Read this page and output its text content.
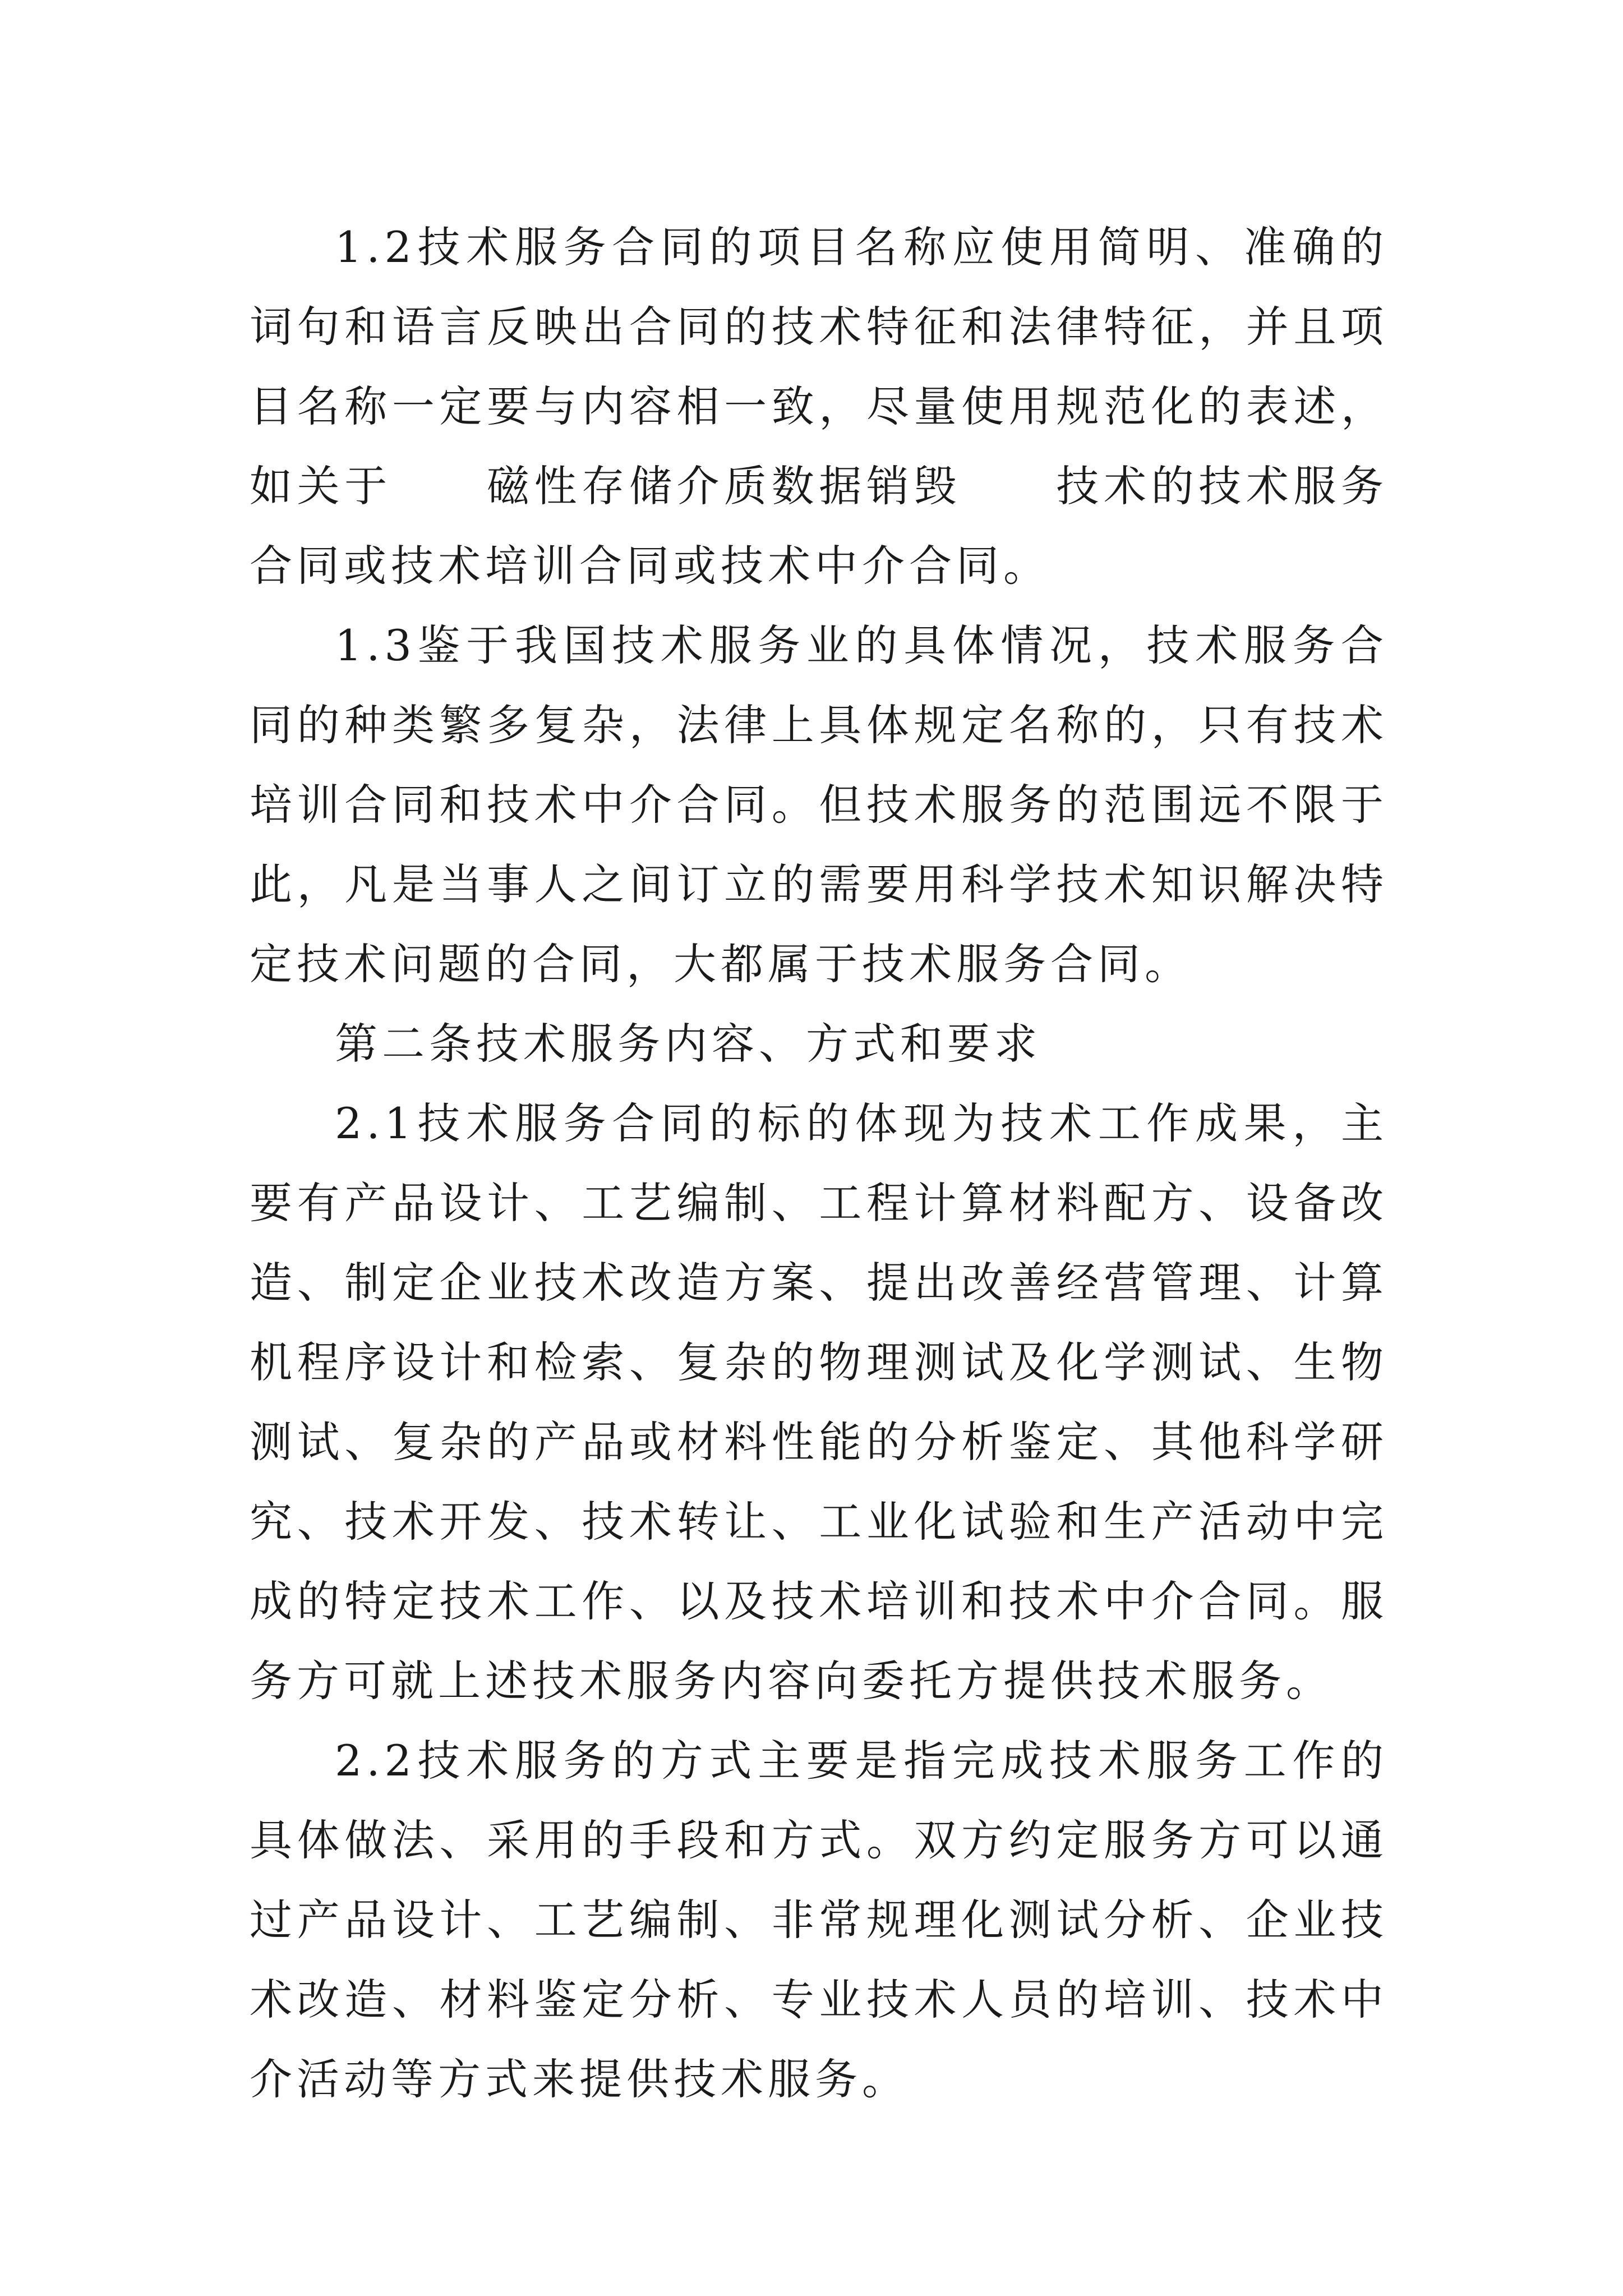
1.2技术服务合同的项目名称应使用简明、准确的词句和语言反映出合同的技术特征和法律特征，并且项目名称一定要与内容相一致，尽量使用规范化的表述，如关于　　磁性存储介质数据销毁　　技术的技术服务合同或技术培训合同或技术中介合同。

1.3鉴于我国技术服务业的具体情况，技术服务合同的种类繁多复杂，法律上具体规定名称的，只有技术培训合同和技术中介合同。但技术服务的范围远不限于此，凡是当事人之间订立的需要用科学技术知识解决特定技术问题的合同，大都属于技术服务合同。

第二条技术服务内容、方式和要求

2.1技术服务合同的标的体现为技术工作成果，主要有产品设计、工艺编制、工程计算材料配方、设备改造、制定企业技术改造方案、提出改善经营管理、计算机程序设计和检索、复杂的物理测试及化学测试、生物测试、复杂的产品或材料性能的分析鉴定、其他科学研究、技术开发、技术转让、工业化试验和生产活动中完成的特定技术工作、以及技术培训和技术中介合同。服务方可就上述技术服务内容向委托方提供技术服务。

2.2技术服务的方式主要是指完成技术服务工作的具体做法、采用的手段和方式。双方约定服务方可以通过产品设计、工艺编制、非常规理化测试分析、企业技术改造、材料鉴定分析、专业技术人员的培训、技术中介活动等方式来提供技术服务。
